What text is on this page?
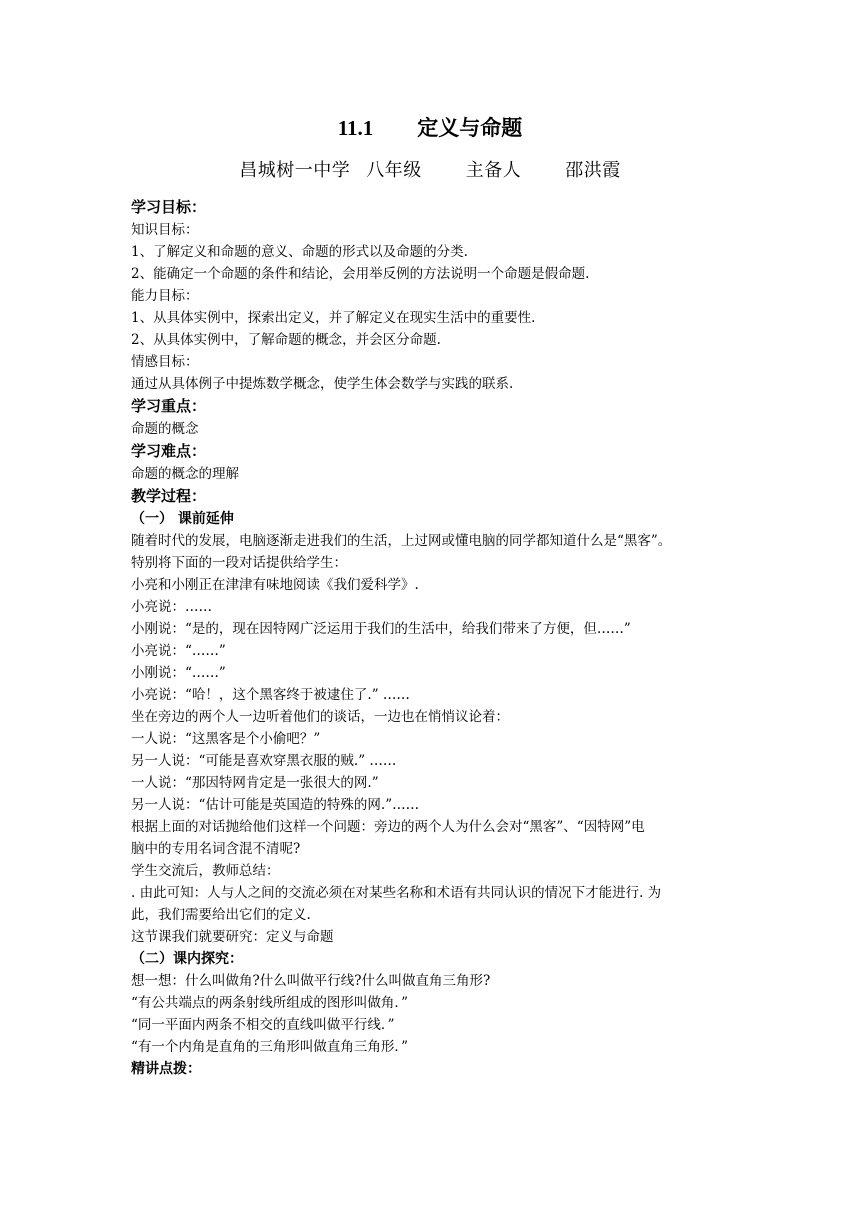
11.1 定义与命题
昌城树一中学 八年级 主备人 邵洪霞
学习目标：
知识目标：
1、了解定义和命题的意义、命题的形式以及命题的分类.
2、能确定一个命题的条件和结论，会用举反例的方法说明一个命题是假命题.
能力目标：
1、从具体实例中，探索出定义，并了解定义在现实生活中的重要性.
2、从具体实例中，了解命题的概念，并会区分命题.
情感目标：
通过从具体例子中提炼数学概念，使学生体会数学与实践的联系.
学习重点：
命题的概念
学习难点：
命题的概念的理解
教学过程：
（一） 课前延伸
随着时代的发展，电脑逐渐走进我们的生活，上过网或懂电脑的同学都知道什么是“黑客”。
特别将下面的一段对话提供给学生：
小亮和小刚正在津津有味地阅读《我们爱科学》.
小亮说：……
小刚说：“是的，现在因特网广泛运用于我们的生活中，给我们带来了方便，但……”
小亮说：“……”
小刚说：“……”
小亮说：“哈！，这个黑客终于被逮住了.” ……
坐在旁边的两个人一边听着他们的谈话，一边也在悄悄议论着：
一人说：“这黑客是个小偷吧？”
另一人说：“可能是喜欢穿黑衣服的贼.” ……
一人说：“那因特网肯定是一张很大的网.”
另一人说：“估计可能是英国造的特殊的网.”……
根据上面的对话抛给他们这样一个问题：旁边的两个人为什么会对“黑客”、“因特网”电
脑中的专用名词含混不清呢?
学生交流后，教师总结：
. 由此可知：人与人之间的交流必须在对某些名称和术语有共同认识的情况下才能进行. 为
此，我们需要给出它们的定义.
这节课我们就要研究：定义与命题
（二）课内探究：
想一想：什么叫做角?什么叫做平行线?什么叫做直角三角形?
“有公共端点的两条射线所组成的图形叫做角．”
“同一平面内两条不相交的直线叫做平行线．”
“有一个内角是直角的三角形叫做直角三角形．”
精讲点拨：
